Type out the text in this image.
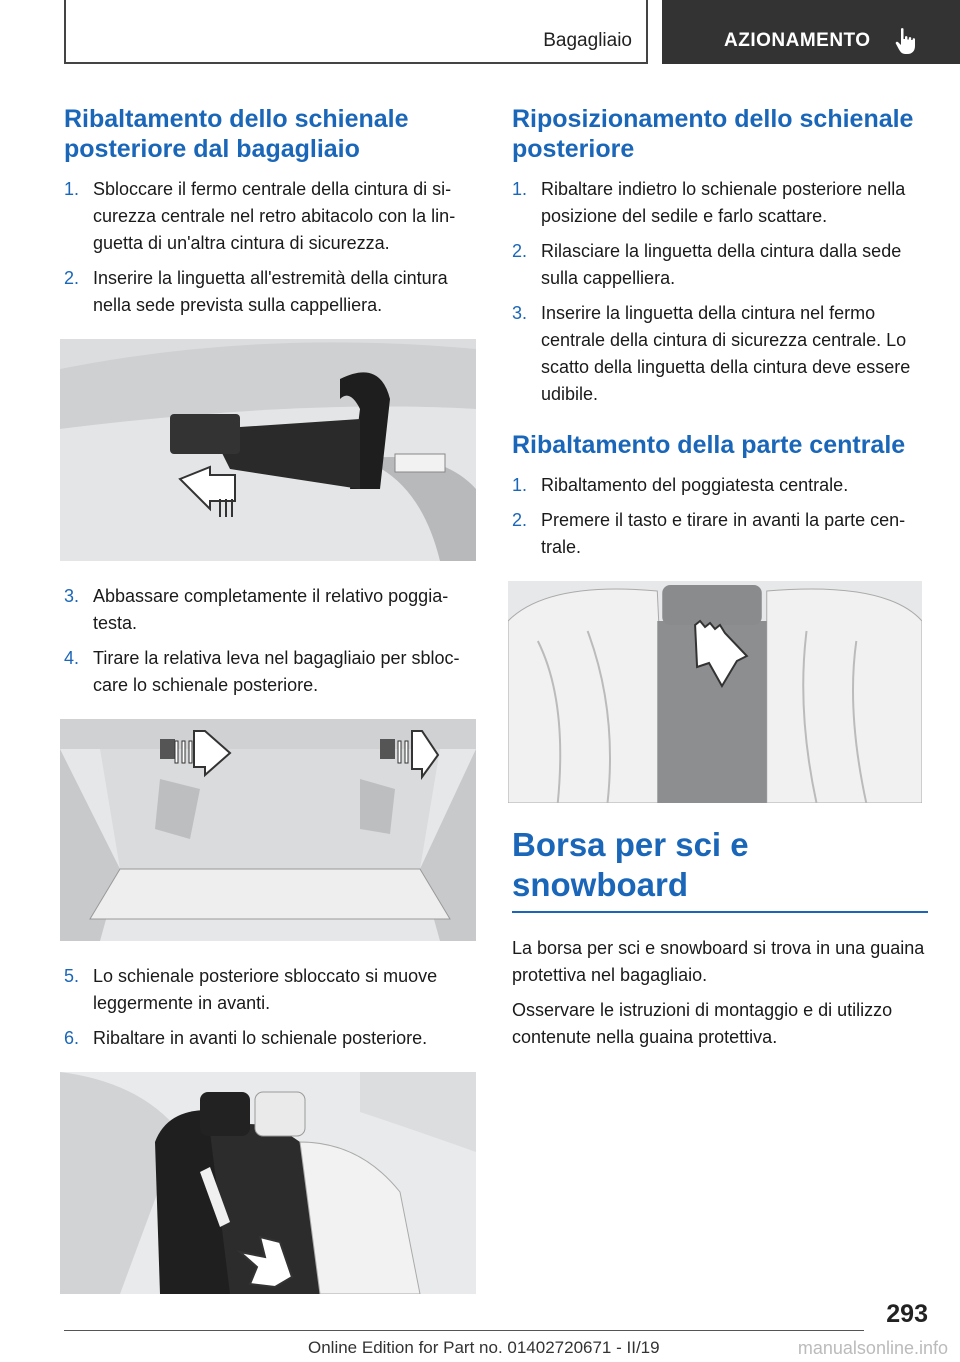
Bagagliaio	AZIONAMENTO
Ribaltamento dello schienale posteriore dal bagagliaio
1. Sbloccare il fermo centrale della cintura di sicurezza centrale nel retro abitacolo con la linguetta di un'altra cintura di sicurezza.
2. Inserire la linguetta all'estremità della cintura nella sede prevista sulla cappelliera.
3. Abbassare completamente il relativo poggiatesta.
4. Tirare la relativa leva nel bagagliaio per sbloccare lo schienale posteriore.
5. Lo schienale posteriore sbloccato si muove leggermente in avanti.
6. Ribaltare in avanti lo schienale posteriore.
Riposizionamento dello schienale posteriore
1. Ribaltare indietro lo schienale posteriore nella posizione del sedile e farlo scattare.
2. Rilasciare la linguetta della cintura dalla sede sulla cappelliera.
3. Inserire la linguetta della cintura nel fermo centrale della cintura di sicurezza centrale. Lo scatto della linguetta della cintura deve essere udibile.
Ribaltamento della parte centrale
1. Ribaltamento del poggiatesta centrale.
2. Premere il tasto e tirare in avanti la parte centrale.
Borsa per sci e snowboard

La borsa per sci e snowboard si trova in una guaina protettiva nel bagagliaio.

Osservare le istruzioni di montaggio e di utilizzo contenute nella guaina protettiva.

293
Online Edition for Part no. 01402720671 - II/19	manualsonline.info
